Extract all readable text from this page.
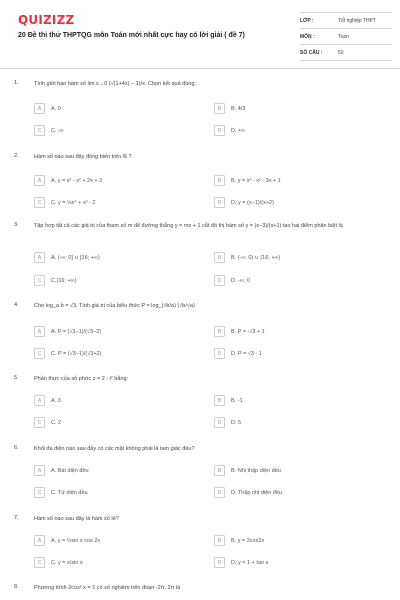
QUIZIZZ
20 Đề thi thử THPTQG môn Toán mới nhất cực hay có lời giải ( đề 7)
LỚP :	Tốt nghiệp THPT
MÔN :	Toán
SỐ CÂU :	50
1.	Tính giới hạn hàm số lim x→0 (√(1+4x) − 1)/x. Chọn kết quả đúng:
A	A. 0	B	B. 4/3
C	C. -∞	D	D. +∞
2.	Hàm số nào sau đây đồng biến trên ℝ ?
A	A. y = x³ - x² + 2x + 3	B	B. y = x³ - x² - 3x + 1
C	C. y = ⅓x⁴ + x² - 2	D	D. y = (x−1)/(x+2)
3.	Tập hợp tất cả các giá trị của tham số m để đường thẳng y = mx + 1 cắt đồ thị hàm số y = (x−3)/(x+1) tạo hai điểm phân biệt là
A	A. (-∞; 0] ∪ [16; +∞)	B	B. (-∞; 0) ∪ (16; +∞)
C	C.(16; +∞)	D	D. -∞; 0
4.	Cho log_a b = √3. Tính giá trị của biểu thức P = log_(√b/a) (√b/√a)
A	A. P = (√3−1)/(√3−2)	B	B. P = -√3 + 1
C	C. P = (√3−1)/(√3+2)	D	D. P = √3 - 1
5.	Phần thực của số phức z = 2 - i² bằng:
A	A. 3	B	B. -1
C	C. 2	D	D. 5
6.	Khối đa diện nào sau đây có các mặt không phải là tam giác đều?
A	A. Bát diện đều	B	B. Nhị thập diện đều
C	C. Tứ diện đều	D	D. Thập nhị diện đều
7.	Hàm số nào sau đây là hàm số lẻ?
A	A. y = ½sin x cos 2x	B	B. y = 2cos2x
C	C. y = x/sin x	D	D. y = 1 + tan x
8.	Phương trình 2cos² x = 1 có số nghiệm trên đoạn -2π, 2π là
